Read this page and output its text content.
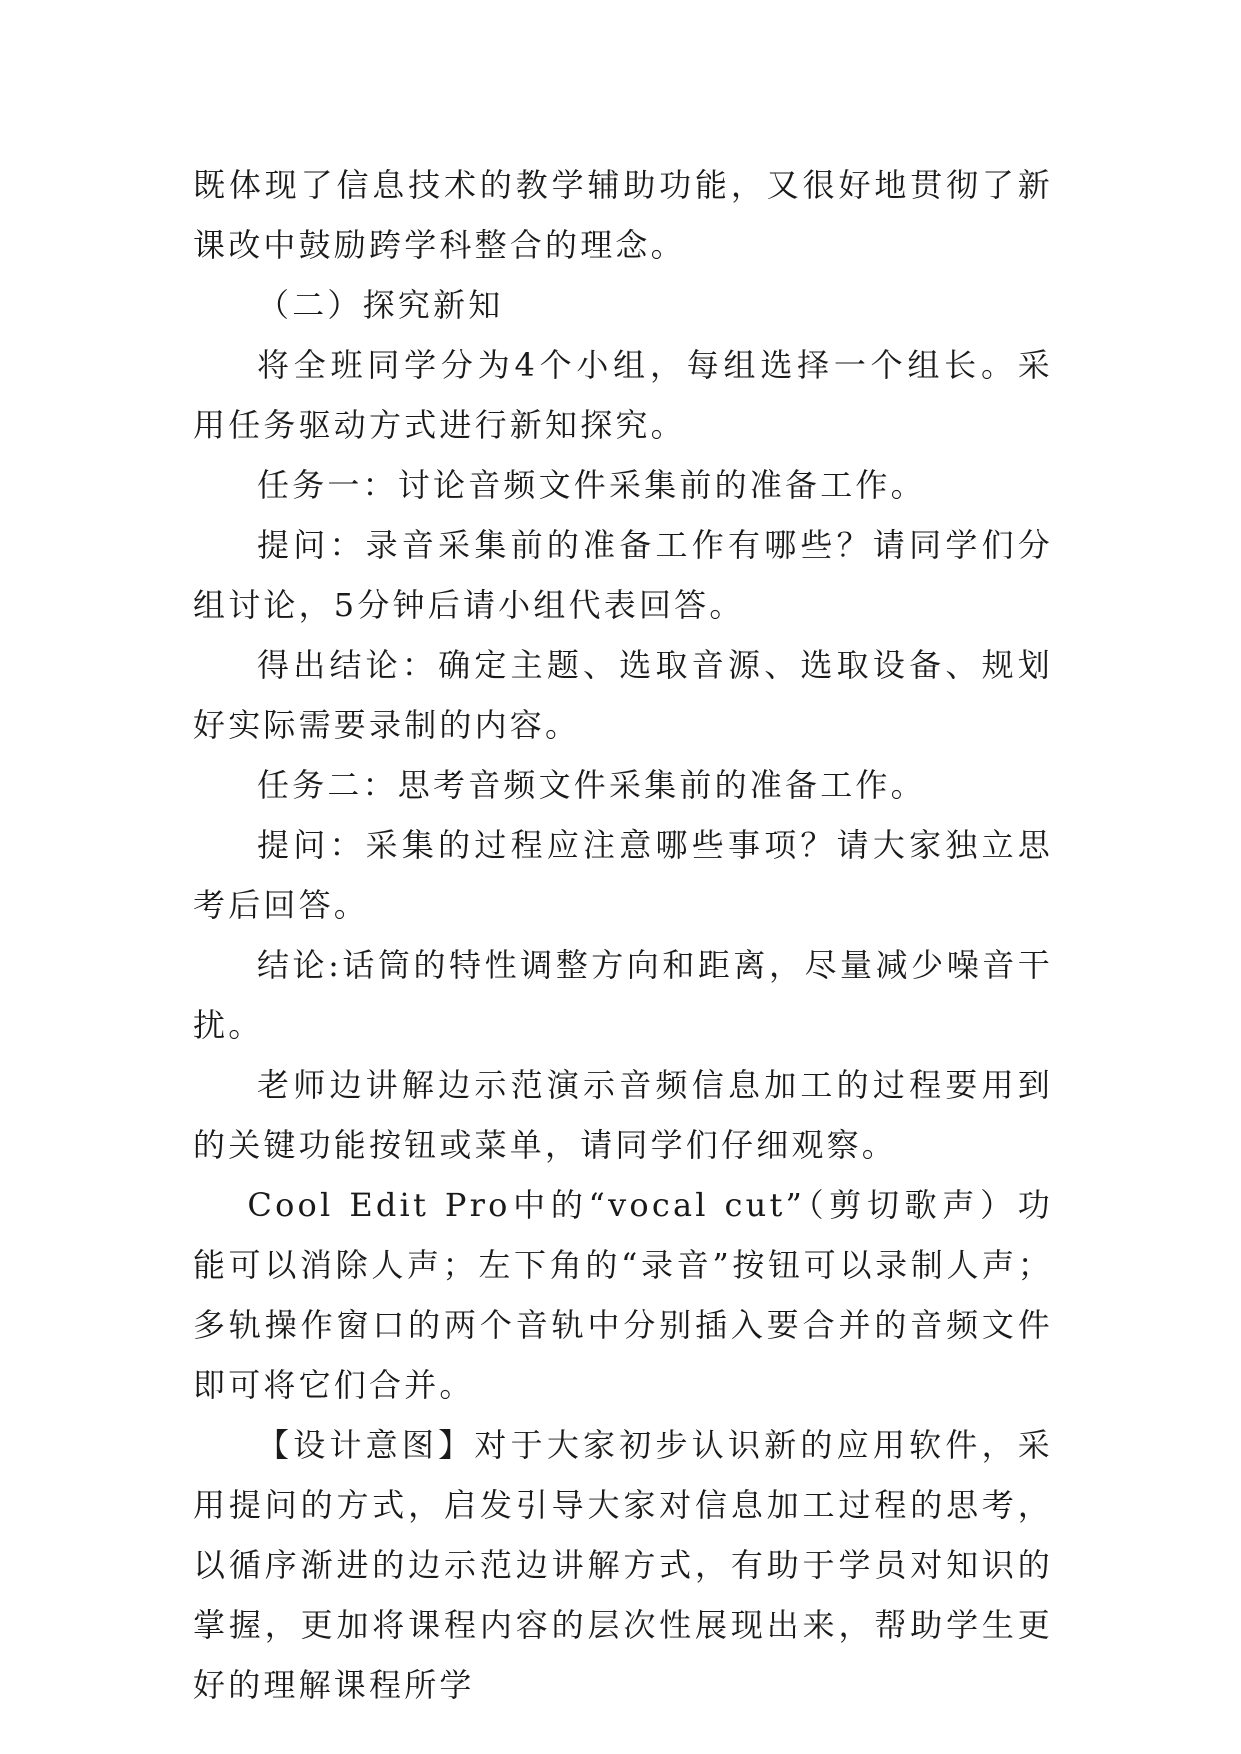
既体现了信息技术的教学辅助功能，又很好地贯彻了新课改中鼓励跨学科整合的理念。

（二）探究新知

将全班同学分为4个小组，每组选择一个组长。采用任务驱动方式进行新知探究。

任务一：讨论音频文件采集前的准备工作。

提问：录音采集前的准备工作有哪些？请同学们分组讨论，5分钟后请小组代表回答。

得出结论：确定主题、选取音源、选取设备、规划好实际需要录制的内容。

任务二：思考音频文件采集前的准备工作。

提问：采集的过程应注意哪些事项？请大家独立思考后回答。

结论:话筒的特性调整方向和距离，尽量减少噪音干扰。

老师边讲解边示范演示音频信息加工的过程要用到的关键功能按钮或菜单，请同学们仔细观察。

Cool Edit Pro中的“vocal cut”（剪切歌声）功能可以消除人声；左下角的“录音”按钮可以录制人声；多轨操作窗口的两个音轨中分别插入要合并的音频文件即可将它们合并。

【设计意图】对于大家初步认识新的应用软件，采用提问的方式，启发引导大家对信息加工过程的思考，以循序渐进的边示范边讲解方式，有助于学员对知识的掌握，更加将课程内容的层次性展现出来，帮助学生更好的理解课程所学
